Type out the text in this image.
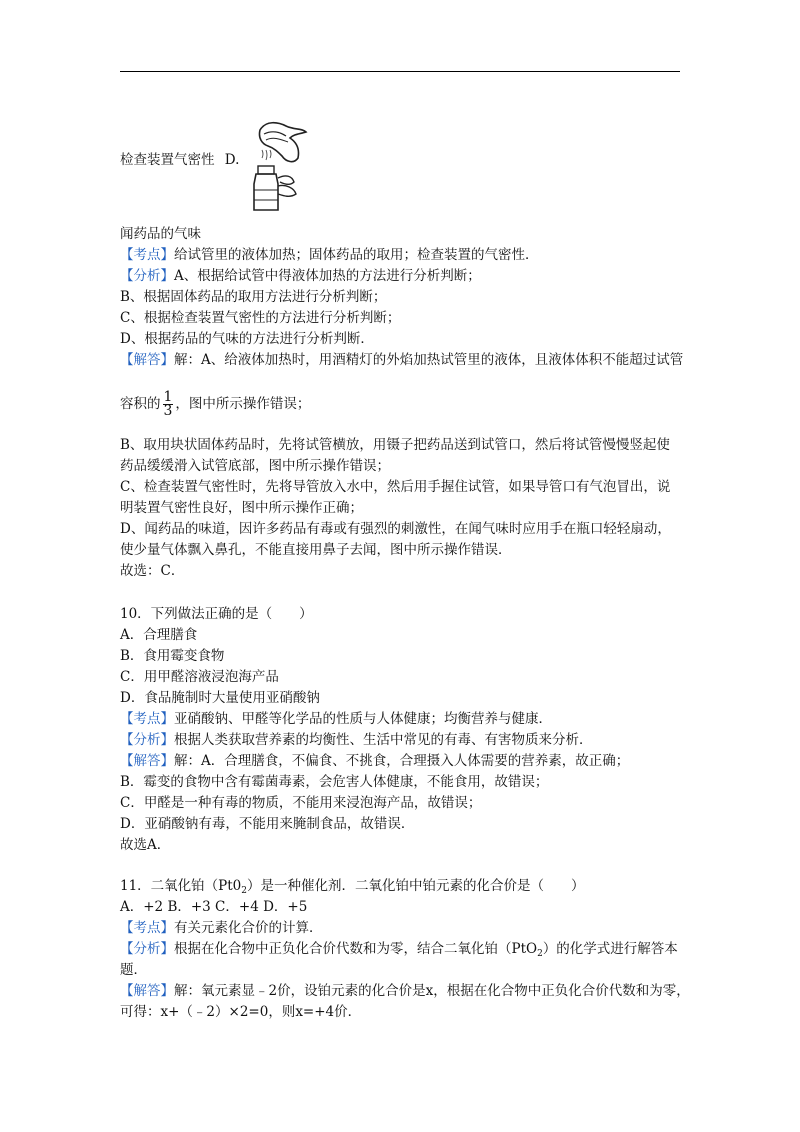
检查装置气密性 D.
闻药品的气味
【考点】给试管里的液体加热；固体药品的取用；检查装置的气密性．
【分析】A、根据给试管中得液体加热的方法进行分析判断；
B、根据固体药品的取用方法进行分析判断；
C、根据检查装置气密性的方法进行分析判断；
D、根据药品的气味的方法进行分析判断．
【解答】解：A、给液体加热时，用酒精灯的外焰加热试管里的液体，且液体体积不能超过试管
容积的 $\frac{1}{3}$ ，图中所示操作错误；
B、取用块状固体药品时，先将试管横放，用镊子把药品送到试管口，然后将试管慢慢竖起使
药品缓缓滑入试管底部，图中所示操作错误；
C、检查装置气密性时，先将导管放入水中，然后用手握住试管，如果导管口有气泡冒出，说
明装置气密性良好，图中所示操作正确；
D、闻药品的味道，因许多药品有毒或有强烈的刺激性，在闻气味时应用手在瓶口轻轻扇动，
使少量气体飘入鼻孔，不能直接用鼻子去闻，图中所示操作错误．
故选：C．
10．下列做法正确的是（　　）
A．合理膳食
B．食用霉变食物
C．用甲醛溶液浸泡海产品
D．食品腌制时大量使用亚硝酸钠
【考点】亚硝酸钠、甲醛等化学品的性质与人体健康；均衡营养与健康．
【分析】根据人类获取营养素的均衡性、生活中常见的有毒、有害物质来分析．
【解答】解：A．合理膳食，不偏食、不挑食，合理摄入人体需要的营养素，故正确；
B．霉变的食物中含有霉菌毒素，会危害人体健康，不能食用，故错误；
C．甲醛是一种有毒的物质，不能用来浸泡海产品，故错误；
D．亚硝酸钠有毒，不能用来腌制食品，故错误．
故选A．
11．二氧化铂$(Pt0_2)$是一种催化剂．二氧化铂中铂元素的化合价是（　　）
A．+2 B．+3 C．+4 D．+5
【考点】有关元素化合价的计算．
【分析】根据在化合物中正负化合价代数和为零，结合二氧化铂（PtO$_2$）的化学式进行解答本
题．
【解答】解：氧元素显﹣2价，设铂元素的化合价是x，根据在化合物中正负化合价代数和为零，
可得：x+（﹣2）×2=0，则x=+4价．
